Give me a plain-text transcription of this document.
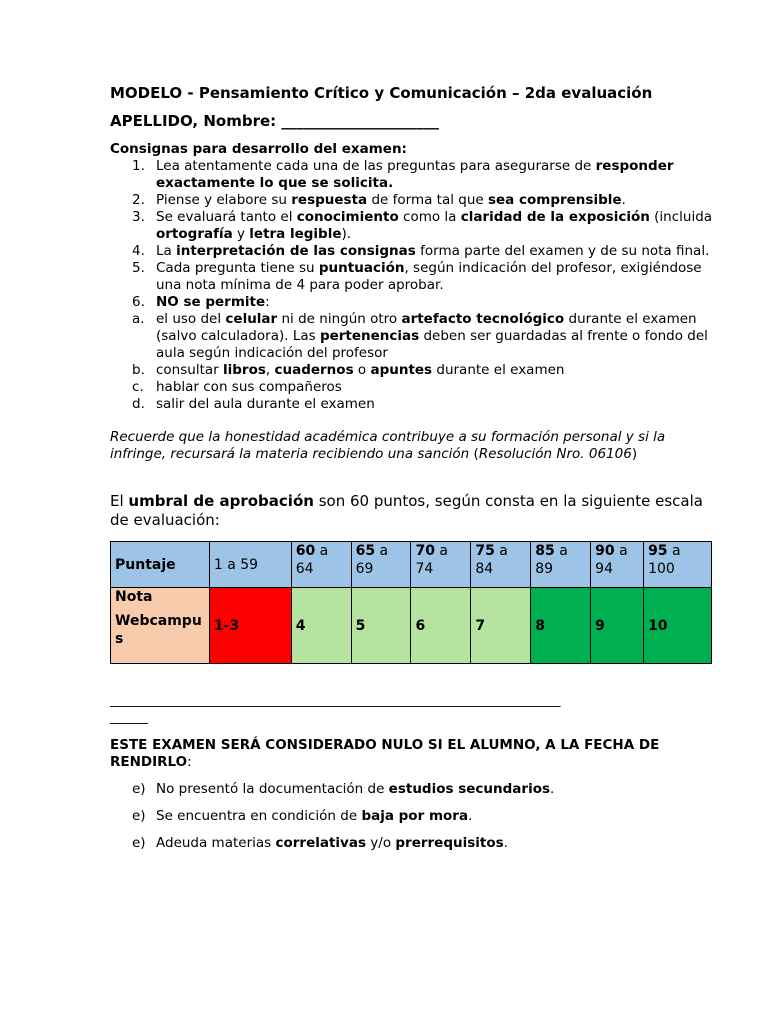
MODELO - Pensamiento Crítico y Comunicación – 2da evaluación

APELLIDO, Nombre: _____________________
Consignas para desarrollo del examen:
1. Lea atentamente cada una de las preguntas para asegurarse de responder exactamente lo que se solicita.
2. Piense y elabore su respuesta de forma tal que sea comprensible.
3. Se evaluará tanto el conocimiento como la claridad de la exposición (incluida ortografía y letra legible).
4. La interpretación de las consignas forma parte del examen y de su nota final.
5. Cada pregunta tiene su puntuación, según indicación del profesor, exigiéndose una nota mínima de 4 para poder aprobar.
6. NO se permite:
a. el uso del celular ni de ningún otro artefacto tecnológico durante el examen (salvo calculadora). Las pertenencias deben ser guardadas al frente o fondo del aula según indicación del profesor
b. consultar libros, cuadernos o apuntes durante el examen
c. hablar con sus compañeros
d. salir del aula durante el examen
Recuerde que la honestidad académica contribuye a su formación personal y si la infringe, recursará la materia recibiendo una sanción (Resolución Nro. 06106)
El umbral de aprobación son 60 puntos, según consta en la siguiente escala de evaluación:
Puntaje	1 a 59	60 a 64	65 a 69	70 a 74	75 a 84	85 a 89	90 a 94	95 a 100

Nota
Webcampus	1-3	4	5	6	7	8	9	10
________________________________________________________________________
______
ESTE EXAMEN SERÁ CONSIDERADO NULO SI EL ALUMNO, A LA FECHA DE RENDIRLO:
e) No presentó la documentación de estudios secundarios.
e) Se encuentra en condición de baja por mora.
e) Adeuda materias correlativas y/o prerrequisitos.
